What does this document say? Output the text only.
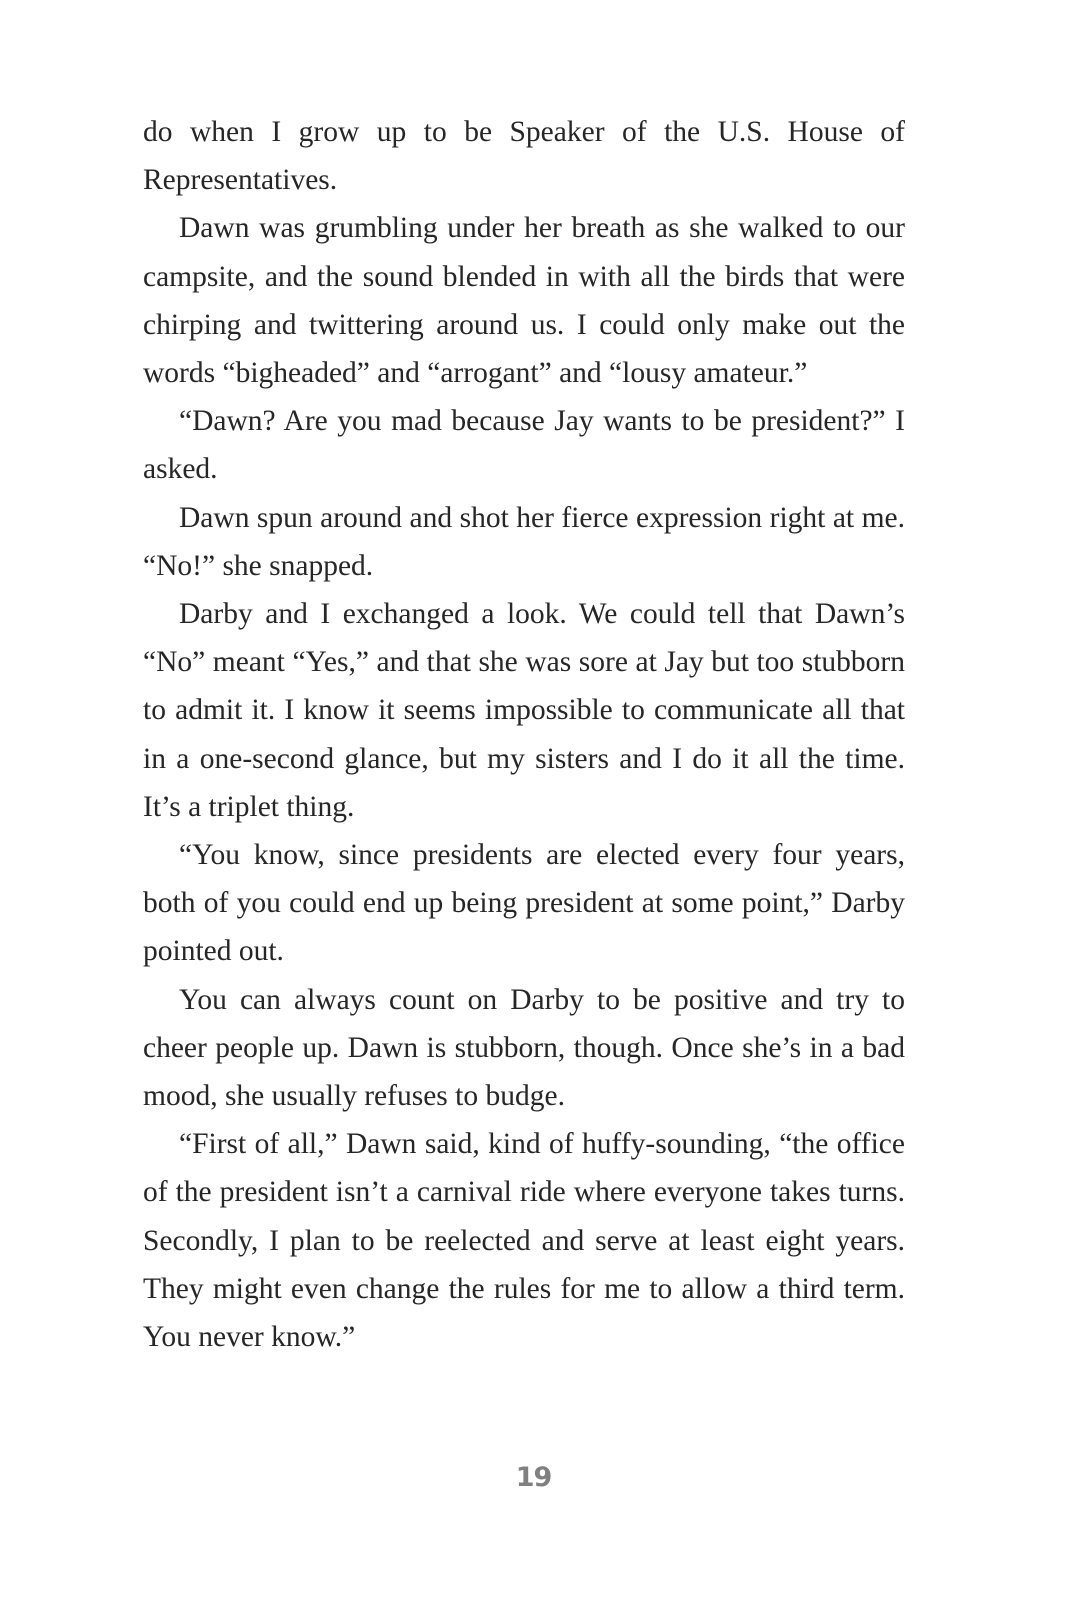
do when I grow up to be Speaker of the U.S. House of Representatives.

Dawn was grumbling under her breath as she walked to our campsite, and the sound blended in with all the birds that were chirping and twittering around us. I could only make out the words “bigheaded” and “arrogant” and “lousy amateur.”

“Dawn? Are you mad because Jay wants to be president?” I asked.

Dawn spun around and shot her fierce expression right at me. “No!” she snapped.

Darby and I exchanged a look. We could tell that Dawn’s “No” meant “Yes,” and that she was sore at Jay but too stubborn to admit it. I know it seems impossible to communicate all that in a one-second glance, but my sisters and I do it all the time. It’s a triplet thing.

“You know, since presidents are elected every four years, both of you could end up being president at some point,” Darby pointed out.

You can always count on Darby to be positive and try to cheer people up. Dawn is stubborn, though. Once she’s in a bad mood, she usually refuses to budge.

“First of all,” Dawn said, kind of huffy-sounding, “the office of the president isn’t a carnival ride where everyone takes turns. Secondly, I plan to be reelected and serve at least eight years. They might even change the rules for me to allow a third term. You never know.”

19
